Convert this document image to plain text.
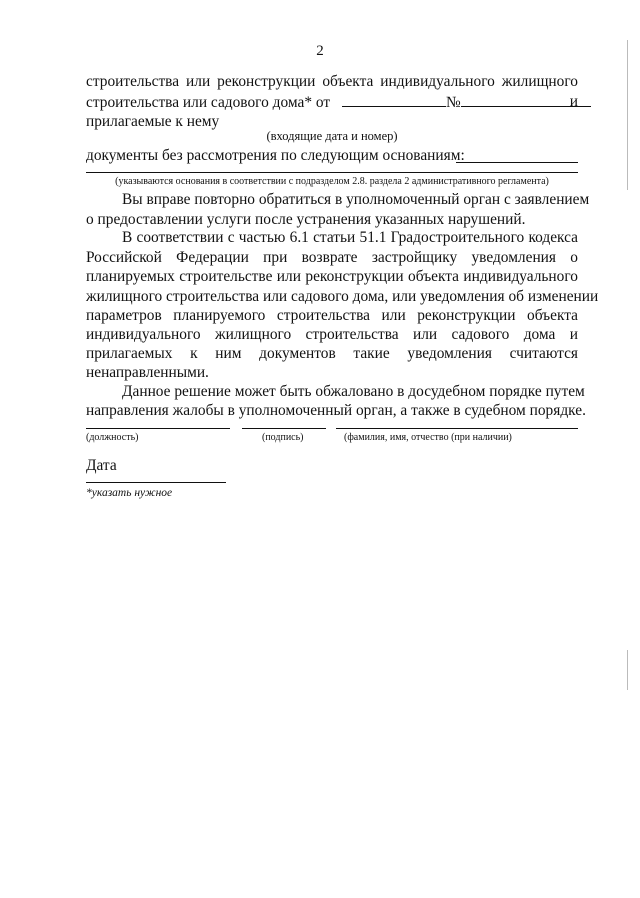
2
строительства или реконструкции объекта индивидуального жилищного
строительства или садового дома* от	№	и
прилагаемые к нему
(входящие дата и номер)
документы без рассмотрения по следующим основаниям:
(указываются основания в соответствии с подразделом 2.8. раздела 2 административного регламента)
Вы вправе повторно обратиться в уполномоченный орган с заявлением
о предоставлении услуги после устранения указанных нарушений.
В соответствии с частью 6.1 статьи 51.1 Градостроительного кодекса
Российской Федерации при возврате застройщику уведомления о
планируемых строительстве или реконструкции объекта индивидуального
жилищного строительства или садового дома, или уведомления об изменении
параметров планируемого строительства или реконструкции объекта
индивидуального жилищного строительства или садового дома и
прилагаемых к ним документов такие уведомления считаются
ненаправленными.
Данное решение может быть обжаловано в досудебном порядке путем
направления жалобы в уполномоченный орган, а также в судебном порядке.
(должность)	(подпись)	(фамилия, имя, отчество (при наличии)
Дата
*указать нужное
